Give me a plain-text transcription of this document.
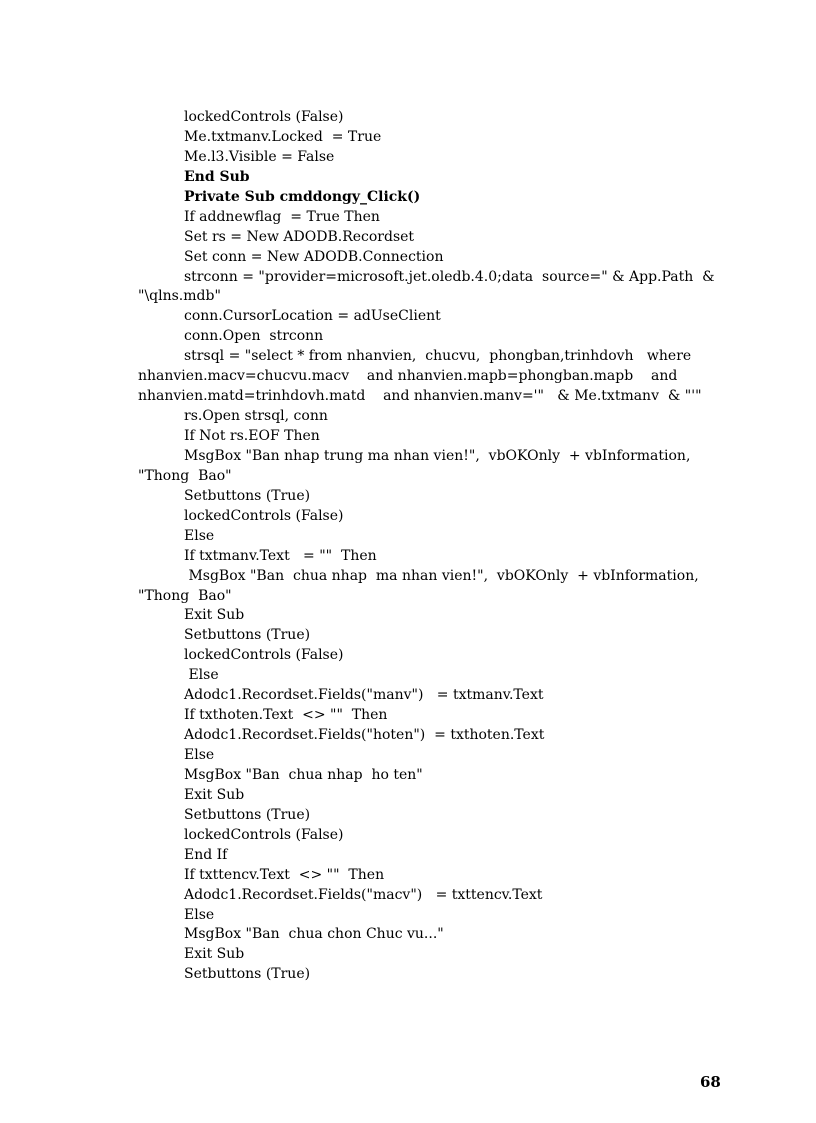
lockedControls (False)
Me.txtmanv.Locked  = True
Me.l3.Visible = False
End Sub
Private Sub cmddongy_Click()
If addnewflag  = True Then
Set rs = New ADODB.Recordset
Set conn = New ADODB.Connection
strconn = "provider=microsoft.jet.oledb.4.0;data  source=" & App.Path  &
"\qlns.mdb"
conn.CursorLocation = adUseClient
conn.Open  strconn
strsql = "select * from nhanvien,  chucvu,  phongban,trinhdovh   where
nhanvien.macv=chucvu.macv    and nhanvien.mapb=phongban.mapb    and
nhanvien.matd=trinhdovh.matd    and nhanvien.manv='"   & Me.txtmanv  & "'"
rs.Open strsql, conn
If Not rs.EOF Then
MsgBox "Ban nhap trung ma nhan vien!",  vbOKOnly  + vbInformation,
"Thong  Bao"
Setbuttons (True)
lockedControls (False)
Else
If txtmanv.Text   = ""  Then
MsgBox "Ban  chua nhap  ma nhan vien!",  vbOKOnly  + vbInformation,
"Thong  Bao"
Exit Sub
Setbuttons (True)
lockedControls (False)
Else
Adodc1.Recordset.Fields("manv")   = txtmanv.Text
If txthoten.Text  <> ""  Then
Adodc1.Recordset.Fields("hoten")  = txthoten.Text
Else
MsgBox "Ban  chua nhap  ho ten"
Exit Sub
Setbuttons (True)
lockedControls (False)
End If
If txttencv.Text  <> ""  Then
Adodc1.Recordset.Fields("macv")   = txttencv.Text
Else
MsgBox "Ban  chua chon Chuc vu..."
Exit Sub
Setbuttons (True)
68
